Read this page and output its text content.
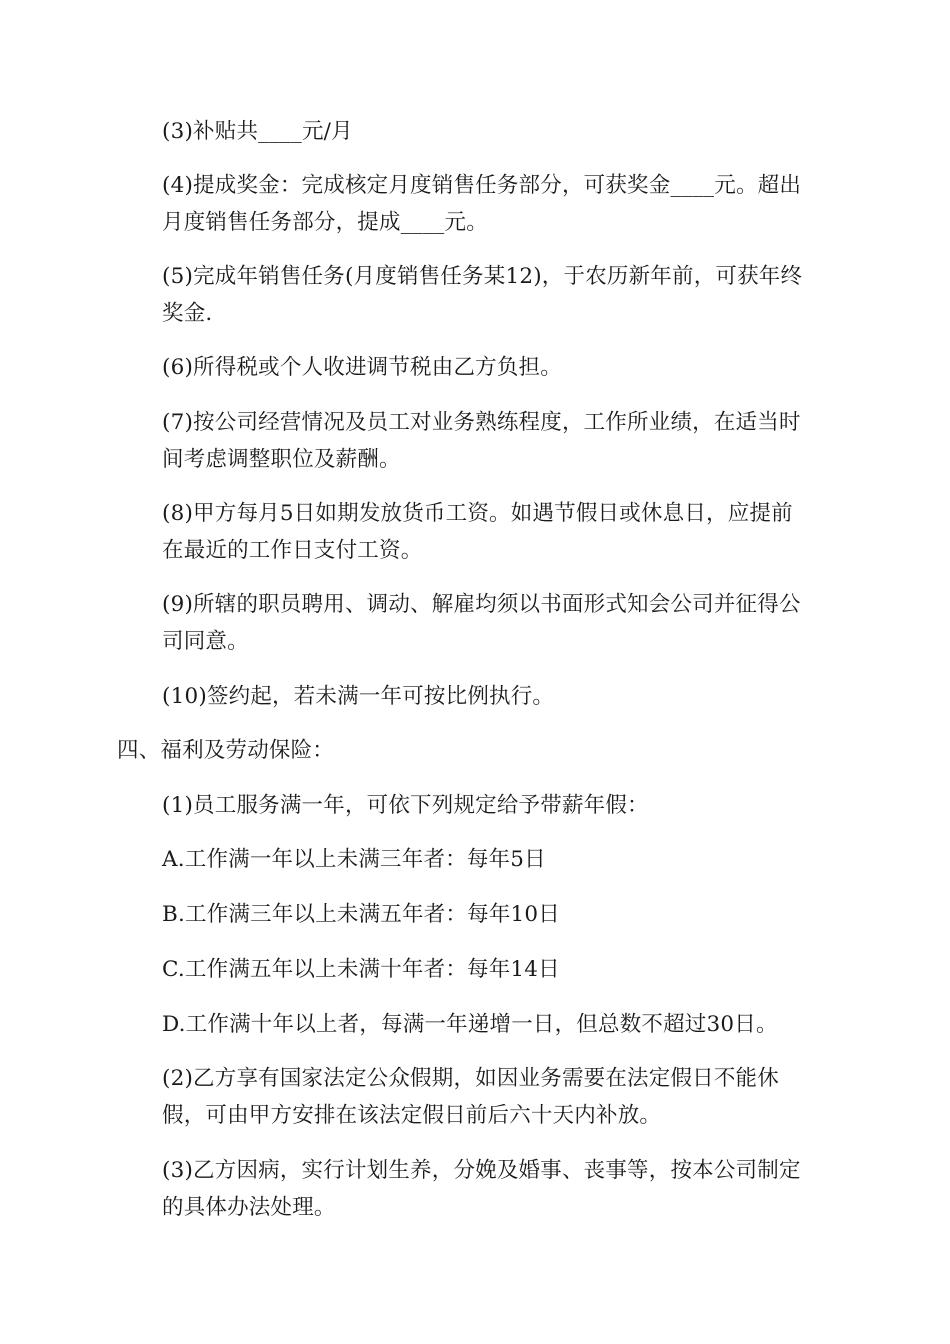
(3)补贴共____元/月

(4)提成奖金：完成核定月度销售任务部分，可获奖金____元。超出
月度销售任务部分，提成____元。

(5)完成年销售任务(月度销售任务某12)，于农历新年前，可获年终
奖金.

(6)所得税或个人收进调节税由乙方负担。

(7)按公司经营情况及员工对业务熟练程度，工作所业绩，在适当时
间考虑调整职位及薪酬。

(8)甲方每月5日如期发放货币工资。如遇节假日或休息日，应提前
在最近的工作日支付工资。

(9)所辖的职员聘用、调动、解雇均须以书面形式知会公司并征得公
司同意。

(10)签约起，若未满一年可按比例执行。

四、福利及劳动保险：

(1)员工服务满一年，可依下列规定给予带薪年假：

A.工作满一年以上未满三年者：每年5日

B.工作满三年以上未满五年者：每年10日

C.工作满五年以上未满十年者：每年14日

D.工作满十年以上者，每满一年递增一日，但总数不超过30日。

(2)乙方享有国家法定公众假期，如因业务需要在法定假日不能休
假，可由甲方安排在该法定假日前后六十天内补放。

(3)乙方因病，实行计划生养，分娩及婚事、丧事等，按本公司制定
的具体办法处理。
